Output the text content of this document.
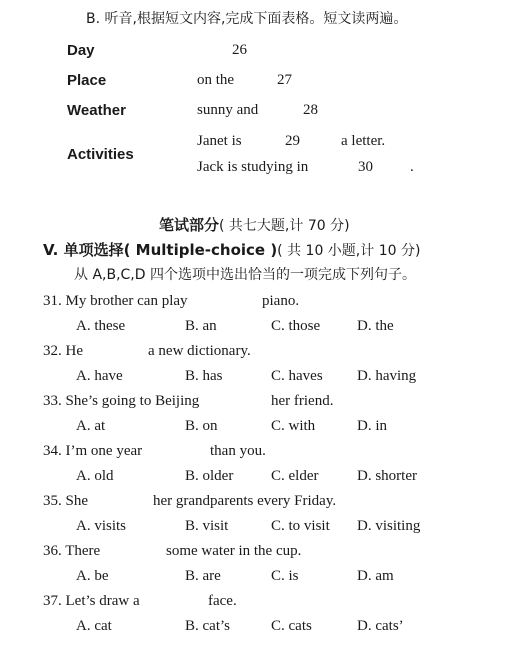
B. 听音,根据短文内容,完成下面表格。短文读两遍。
Day	26
Place	on the	27
Weather	sunny and	28
Activities
Janet is	29	a letter.
Jack is studying in	30 .
笔试部分( 共七大题,计 70 分)
V. 单项选择( Multiple-choice )( 共 10 小题,计 10 分)
从 A,B,C,D 四个选项中选出恰当的一项完成下列句子。
31. My brother can play	piano.
A. these	B. an	C. those D. the
32. He	a new dictionary.
A. have	B. has	C. haves D. having
33. She’s going to Beijing	her friend.
A. at	B. on	C. with	D. in
34. I’m one year	than you.
A. old	B. older	C. elder	D. shorter
35. She	her grandparents every Friday.
A. visits	B. visit	C. to visit D. visiting
36. There	some water in the cup.
A. be	B. are	C. is	D. am
37. Let’s draw a	face.
A. cat	B. cat’s	C. cats	D. cats’
